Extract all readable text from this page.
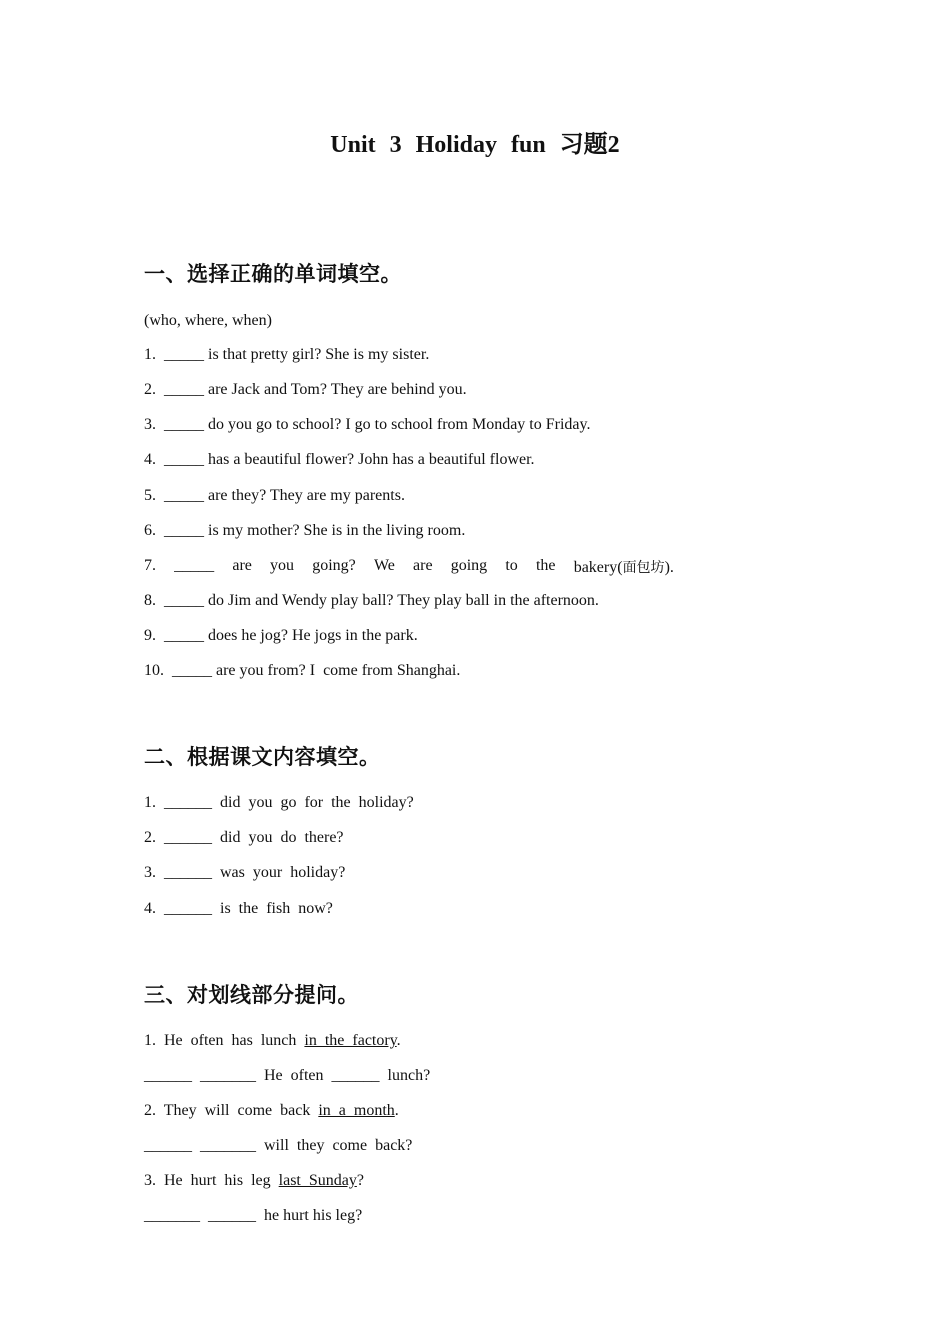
Unit 3 Holiday fun 习题2
一、选择正确的单词填空。
(who, where, when)
1.  _____ is that pretty girl? She is my sister.
2.  _____ are Jack and Tom? They are behind you.
3.  _____ do you go to school? I go to school from Monday to Friday.
4.  _____ has a beautiful flower? John has a beautiful flower.
5.  _____ are they? They are my parents.
6.  _____ is my mother? She is in the living room.
7. _____ are you going? We are going to the bakery(面包坊).
8.  _____ do Jim and Wendy play ball? They play ball in the afternoon.
9.  _____ does he jog? He jogs in the park.
10.  _____ are you from? I  come from Shanghai.
二、根据课文内容填空。
1.  ______  did  you  go  for  the  holiday?
2.  ______  did  you  do  there?
3.  ______  was  your  holiday?
4.  ______  is  the  fish  now?
三、对划线部分提问。
1.  He  often  has  lunch  in  the  factory.
______  _______  He  often  ______  lunch?
2.  They  will  come  back  in  a  month.
______  _______  will  they  come  back?
3.  He  hurt  his  leg  last  Sunday?
_______  ______  he hurt his leg?
